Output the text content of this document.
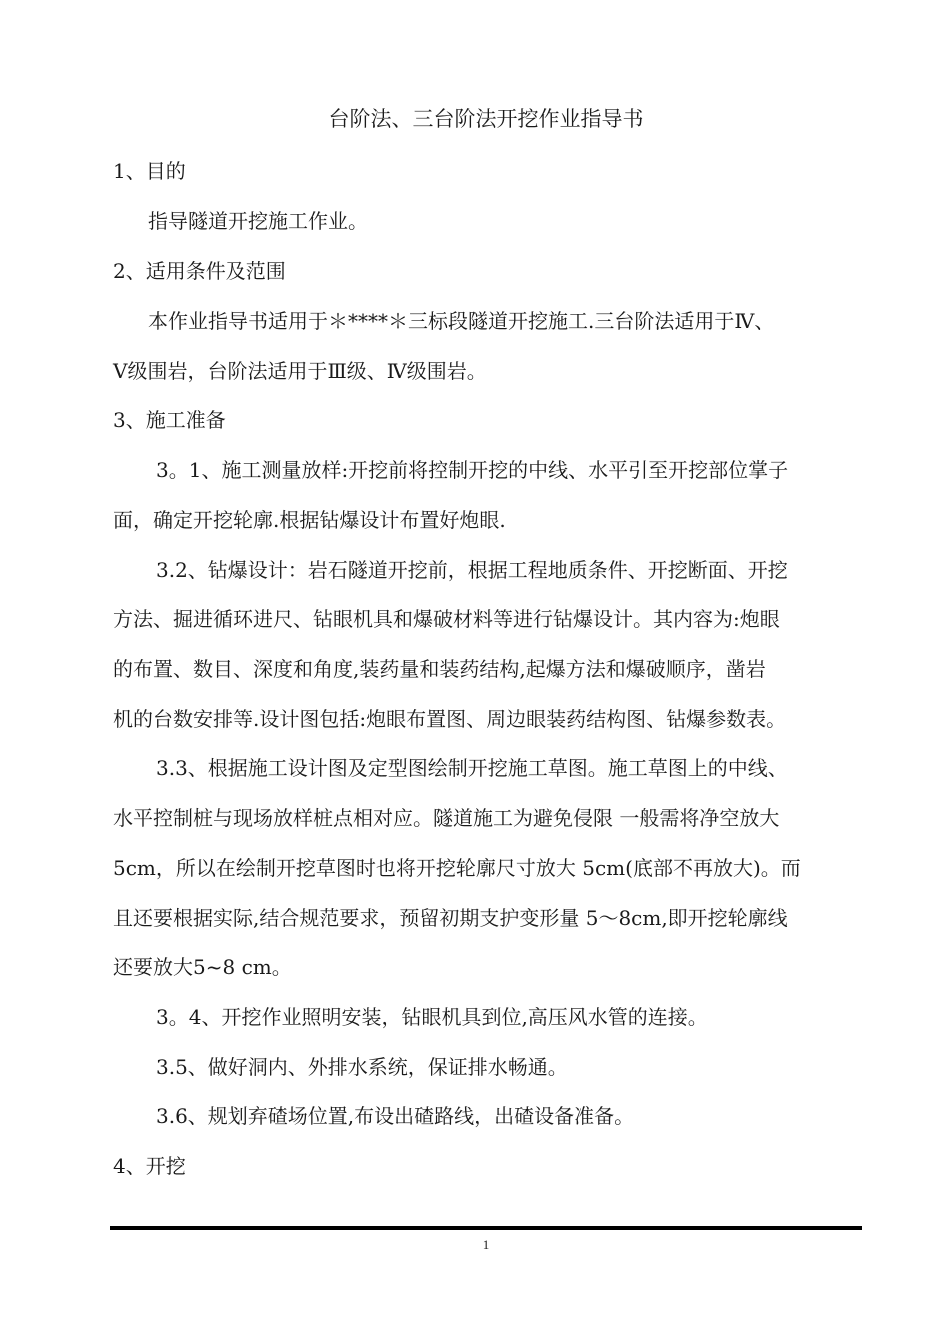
台阶法、三台阶法开挖作业指导书
1、目的
指导隧道开挖施工作业。
2、适用条件及范围
本作业指导书适用于＊****＊三标段隧道开挖施工.三台阶法适用于Ⅳ、
Ⅴ级围岩，台阶法适用于Ⅲ级、Ⅳ级围岩。
3、施工准备
3。1、施工测量放样:开挖前将控制开挖的中线、水平引至开挖部位掌子
面，确定开挖轮廓.根据钻爆设计布置好炮眼.
3.2、钻爆设计：岩石隧道开挖前，根据工程地质条件、开挖断面、开挖
方法、掘进循环进尺、钻眼机具和爆破材料等进行钻爆设计。其内容为:炮眼
的布置、数目、深度和角度,装药量和装药结构,起爆方法和爆破顺序，凿岩
机的台数安排等.设计图包括:炮眼布置图、周边眼装药结构图、钻爆参数表。
3.3、根据施工设计图及定型图绘制开挖施工草图。施工草图上的中线、
水平控制桩与现场放样桩点相对应。隧道施工为避免侵限 一般需将净空放大
5cm，所以在绘制开挖草图时也将开挖轮廓尺寸放大 5cm(底部不再放大)。而
且还要根据实际,结合规范要求，预留初期支护变形量 5～8cm,即开挖轮廓线
还要放大5~8 cm。
3。4、开挖作业照明安装，钻眼机具到位,高压风水管的连接。
3.5、做好洞内、外排水系统，保证排水畅通。
3.6、规划弃碴场位置,布设出碴路线，出碴设备准备。
4、开挖
1
